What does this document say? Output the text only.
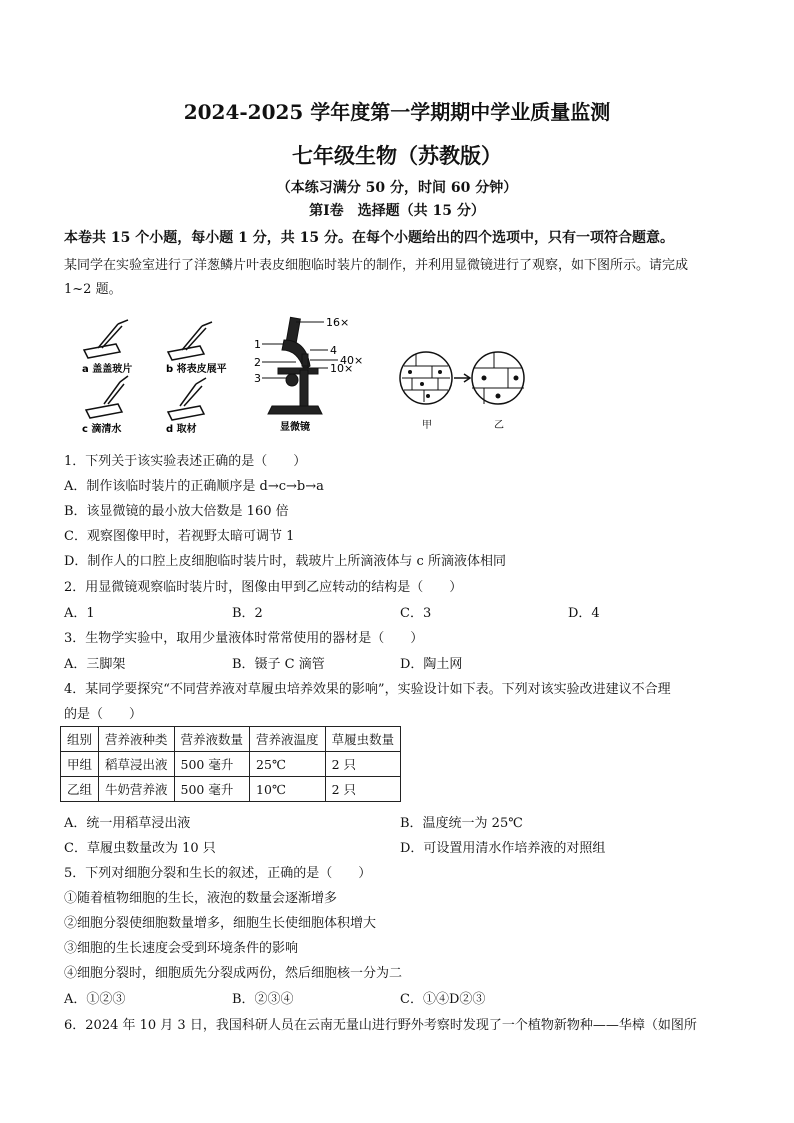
2024-2025 学年度第一学期期中学业质量监测
七年级生物（苏教版）
（本练习满分 50 分，时间 60 分钟）
第Ⅰ卷　选择题（共 15 分）
本卷共 15 个小题，每小题 1 分，共 15 分。在每个小题给出的四个选项中，只有一项符合题意。
某同学在实验室进行了洋葱鳞片叶表皮细胞临时装片的制作，并利用显微镜进行了观察，如下图所示。请完成
1~2 题。
a 盖盖玻片	b 将表皮展平
c 滴清水	d 取材
1
2
3
4
16×
40×
10×
显微镜	甲	乙
1．下列关于该实验表述正确的是（　　）
A．制作该临时装片的正确顺序是 d→c→b→a
B．该显微镜的最小放大倍数是 160 倍
C．观察图像甲时，若视野太暗可调节 1
D．制作人的口腔上皮细胞临时装片时，载玻片上所滴液体与 c 所滴液体相同
2．用显微镜观察临时装片时，图像由甲到乙应转动的结构是（　　）
A．1	B．2	C．3	D．4
3．生物学实验中，取用少量液体时常常使用的器材是（　　）
A．三脚架	B．镊子 C 滴管	D．陶土网
4．某同学要探究“不同营养液对草履虫培养效果的影响”，实验设计如下表。下列对该实验改进建议不合理
的是（　　）
组别	营养液种类	营养液数量	营养液温度	草履虫数量
甲组	稻草浸出液	500 毫升	25℃	2 只
乙组	牛奶营养液	500 毫升	10℃	2 只
A．统一用稻草浸出液	B．温度统一为 25℃
C．草履虫数量改为 10 只	D．可设置用清水作培养液的对照组
5．下列对细胞分裂和生长的叙述，正确的是（　　）
①随着植物细胞的生长，液泡的数量会逐渐增多
②细胞分裂使细胞数量增多，细胞生长使细胞体积增大
③细胞的生长速度会受到环境条件的影响
④细胞分裂时，细胞质先分裂成两份，然后细胞核一分为二
A．①②③	B．②③④	C．①④D②③
6．2024 年 10 月 3 日，我国科研人员在云南无量山进行野外考察时发现了一个植物新物种——华樟（如图所
